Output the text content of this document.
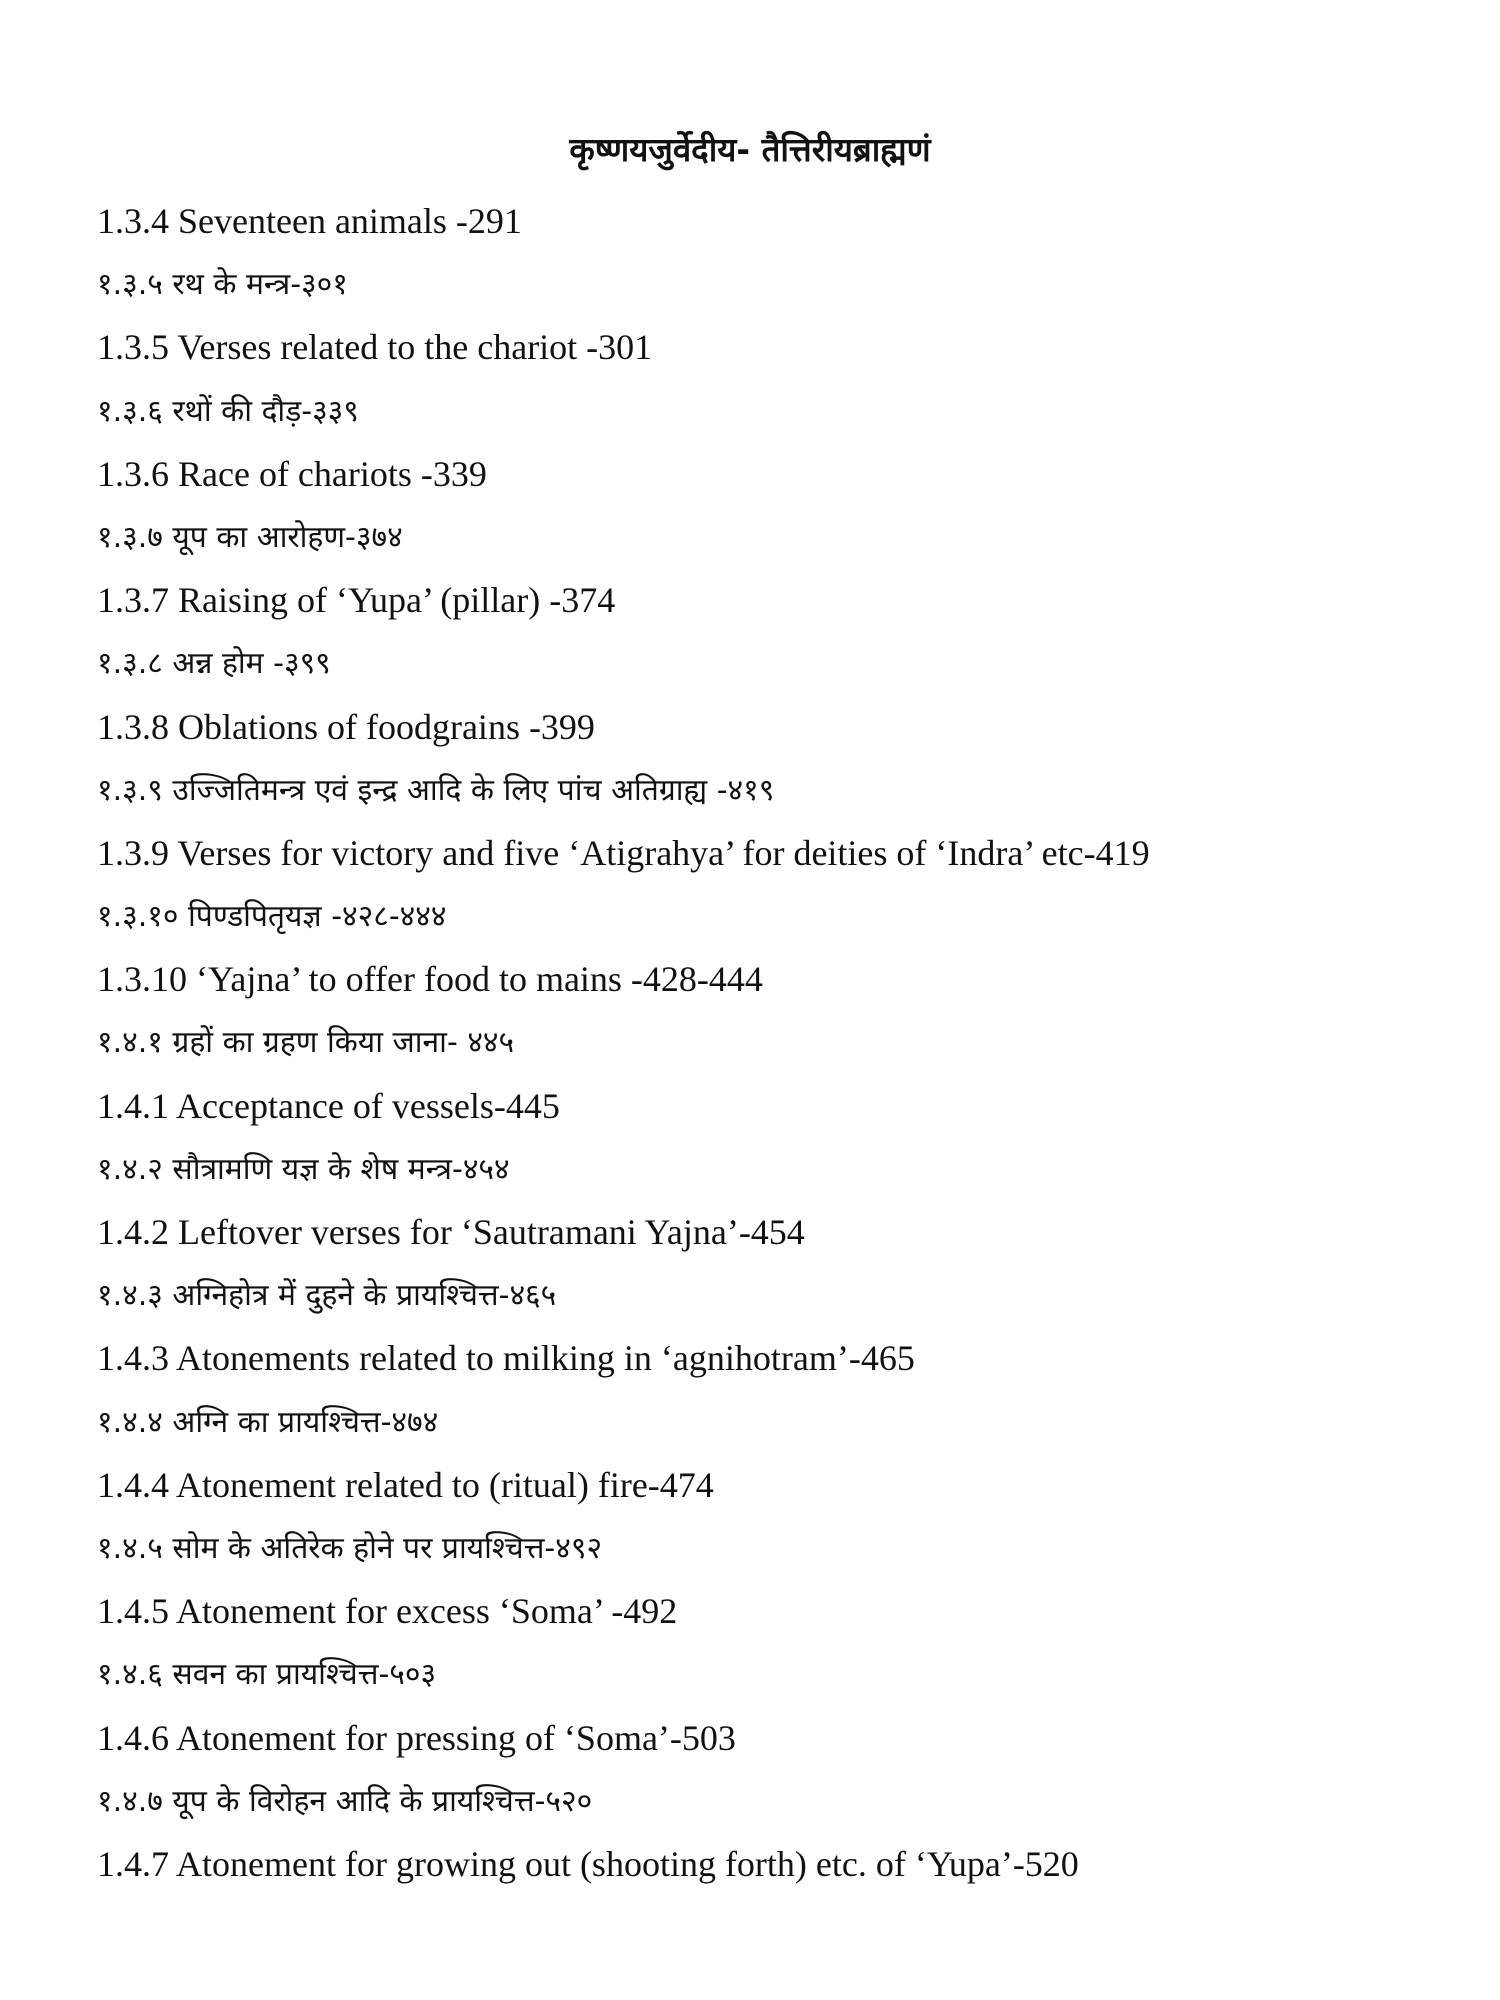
कृष्णयजुर्वेदीय- तैत्तिरीयब्राह्मणं
1.3.4 Seventeen animals -291
१.३.५ रथ के मन्त्र-३०१
1.3.5 Verses related to the chariot -301
१.३.६ रथों की दौड़-३३९
1.3.6 Race of chariots -339
१.३.७ यूप का आरोहण-३७४
1.3.7 Raising of ‘Yupa’ (pillar) -374
१.३.८ अन्न होम -३९९
1.3.8 Oblations of foodgrains -399
१.३.९ उज्जितिमन्त्र एवं इन्द्र आदि के लिए पांच अतिग्राह्य -४१९
1.3.9 Verses for victory and five ‘Atigrahya’ for deities of ‘Indra’ etc-419
१.३.१० पिण्डपितृयज्ञ -४२८-४४४
1.3.10 ‘Yajna’ to offer food to mains -428-444
१.४.१ ग्रहों का ग्रहण किया जाना- ४४५
1.4.1 Acceptance of vessels-445
१.४.२ सौत्रामणि यज्ञ के शेष मन्त्र-४५४
1.4.2 Leftover verses for ‘Sautramani Yajna’-454
१.४.३ अग्निहोत्र में दुहने के प्रायश्चित्त-४६५
1.4.3 Atonements related to milking in ‘agnihotram’-465
१.४.४ अग्नि का प्रायश्चित्त-४७४
1.4.4 Atonement related to (ritual) fire-474
१.४.५ सोम के अतिरेक होने पर प्रायश्चित्त-४९२
1.4.5 Atonement for excess ‘Soma’ -492
१.४.६ सवन का प्रायश्चित्त-५०३
1.4.6 Atonement for pressing of ‘Soma’-503
१.४.७ यूप के विरोहन आदि के प्रायश्चित्त-५२०
1.4.7 Atonement for growing out (shooting forth) etc. of ‘Yupa’-520
